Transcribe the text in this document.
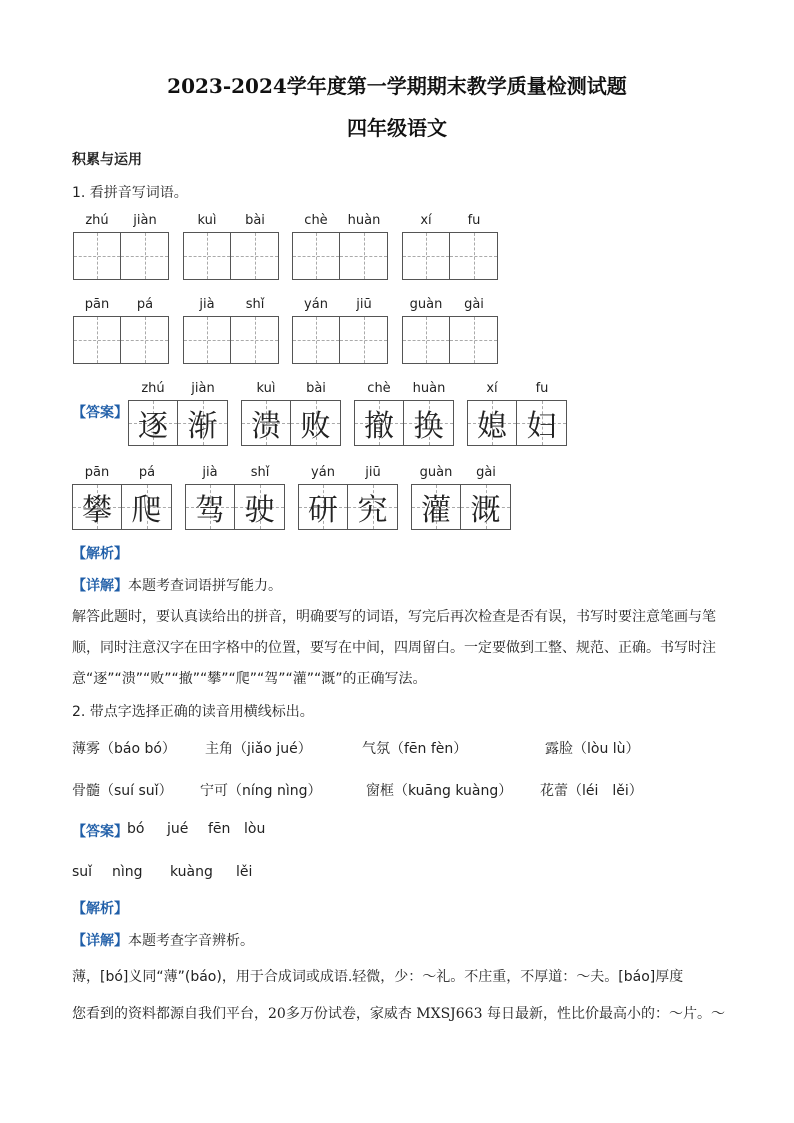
2023-2024学年度第一学期期末教学质量检测试题
四年级语文
积累与运用
1. 看拼音写词语。
zhú	jiàn	kuì	bài	chè	huàn	xí	fu
pān	pá	jià	shǐ	yán	jiū	guàn	gài
【答案】
zhú	jiàn
逐 渐
kuì	bài
溃 败
chè	huàn
撤 换
xí	fu
媳 妇
pān	pá
攀 爬
jià	shǐ
驾 驶
yán	jiū
研 究
guàn	gài
灌 溉
【解析】
【详解】本题考查词语拼写能力。
解答此题时，要认真读给出的拼音，明确要写的词语，写完后再次检查是否有误，书写时要注意笔画与笔
顺，同时注意汉字在田字格中的位置，要写在中间，四周留白。一定要做到工整、规范、正确。书写时注
意“逐”“溃”“败”“撤”“攀”“爬”“驾”“灌”“溉”的正确写法。
2. 带点字选择正确的读音用横线标出。
薄雾（báo bó） 主角（jiǎo jué）	气氛（fēn fèn）	露脸（lòu lù）
骨髓（suí suǐ） 宁可（níng nìng）	窗框（kuāng kuàng） 花蕾（léi　lěi）
【答案】 bó jué fēn lòu
suǐ nìng kuàng lěi
【解析】
【详解】本题考查字音辨析。
薄，[bó]义同“薄”(báo)，用于合成词或成语.轻微，少：～礼。不庄重，不厚道：～夫。[báo]厚度
您看到的资料都源自我们平台，20多万份试卷，家威杏 MXSJ663 每日最新，性比价最高小的：～片。～
